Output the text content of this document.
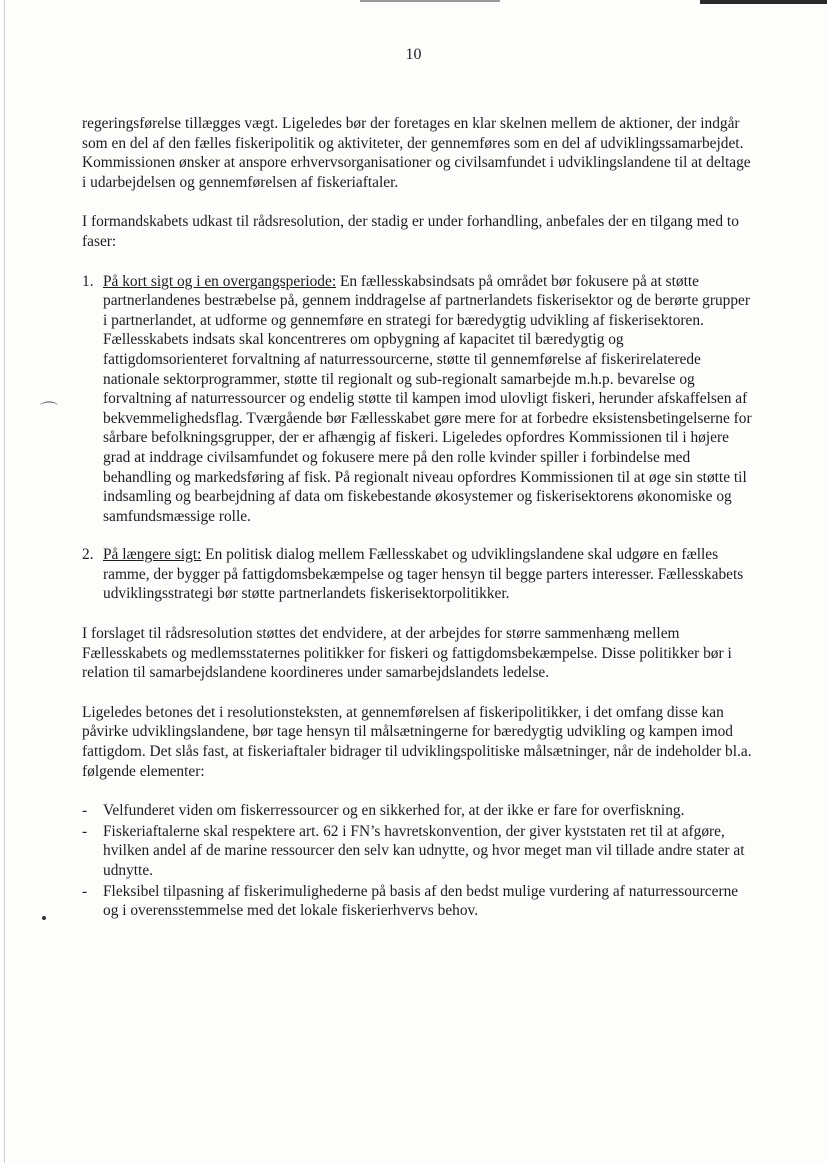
⌒
10

regeringsførelse tillægges vægt. Ligeledes bør der foretages en klar skelnen mellem de aktioner, der indgår som en del af den fælles fiskeripolitik og aktiviteter, der gennemføres som en del af udviklingssamarbejdet. Kommissionen ønsker at anspore erhvervsorganisationer og civilsamfundet i udviklingslandene til at deltage i udarbejdelsen og gennemførelsen af fiskeriaftaler.

I formandskabets udkast til rådsresolution, der stadig er under forhandling, anbefales der en tilgang med to faser:

1. På kort sigt og i en overgangsperiode: En fællesskabsindsats på området bør fokusere på at støtte partnerlandenes bestræbelse på, gennem inddragelse af partnerlandets fiskerisektor og de berørte grupper i partnerlandet, at udforme og gennemføre en strategi for bæredygtig udvikling af fiskerisektoren. Fællesskabets indsats skal koncentreres om opbygning af kapacitet til bæredygtig og fattigdomsorienteret forvaltning af naturressourcerne, støtte til gennemførelse af fiskerirelaterede nationale sektorprogrammer, støtte til regionalt og sub-regionalt samarbejde m.h.p. bevarelse og forvaltning af naturressourcer og endelig støtte til kampen imod ulovligt fiskeri, herunder afskaffelsen af bekvemmelighedsflag. Tværgående bør Fællesskabet gøre mere for at forbedre eksistensbetingelserne for sårbare befolkningsgrupper, der er afhængig af fiskeri. Ligeledes opfordres Kommissionen til i højere grad at inddrage civilsamfundet og fokusere mere på den rolle kvinder spiller i forbindelse med behandling og markedsføring af fisk. På regionalt niveau opfordres Kommissionen til at øge sin støtte til indsamling og bearbejdning af data om fiskebestande økosystemer og fiskerisektorens økonomiske og samfundsmæssige rolle.
2. På længere sigt: En politisk dialog mellem Fællesskabet og udviklingslandene skal udgøre en fælles ramme, der bygger på fattigdomsbekæmpelse og tager hensyn til begge parters interesser. Fællesskabets udviklingsstrategi bør støtte partnerlandets fiskerisektorpolitikker.

I forslaget til rådsresolution støttes det endvidere, at der arbejdes for større sammenhæng mellem Fællesskabets og medlemsstaternes politikker for fiskeri og fattigdomsbekæmpelse. Disse politikker bør i relation til samarbejdslandene koordineres under samarbejdslandets ledelse.

Ligeledes betones det i resolutionsteksten, at gennemførelsen af fiskeripolitikker, i det omfang disse kan påvirke udviklingslandene, bør tage hensyn til målsætningerne for bæredygtig udvikling og kampen imod fattigdom. Det slås fast, at fiskeriaftaler bidrager til udviklingspolitiske målsætninger, når de indeholder bl.a. følgende elementer:

- Velfunderet viden om fiskerressourcer og en sikkerhed for, at der ikke er fare for overfiskning.
- Fiskeriaftalerne skal respektere art. 62 i FN’s havretskonvention, der giver kyststaten ret til at afgøre, hvilken andel af de marine ressourcer den selv kan udnytte, og hvor meget man vil tillade andre stater at udnytte.
- Fleksibel tilpasning af fiskerimulighederne på basis af den bedst mulige vurdering af naturressourcerne og i overensstemmelse med det lokale fiskerierhvervs behov.
